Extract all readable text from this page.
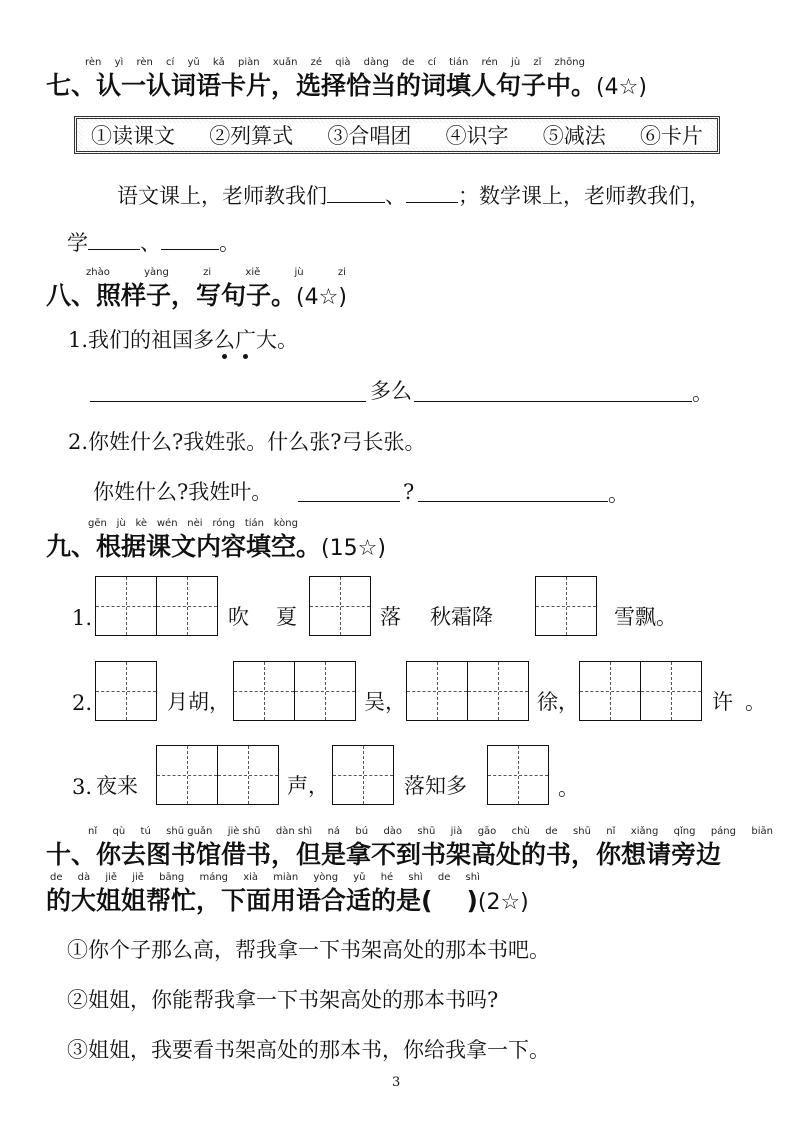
rèn yì rèn cí yǔ kǎ piàn xuǎn zé qià dàng de cí tián rén jù zǐ zhōng
七、认一认词语卡片，选择恰当的词填人句子中。(4☆)
①读课文 ②列算式 ③合唱团 ④识字 ⑤减法 ⑥卡片
语文课上，老师教我们	、 ；数学课上，老师教我们，
学 、	。
zhào	yàng	zi	xiě	jù	zi
八、照样子，写句子。(4☆)
1.我们的祖国多么广大。
多么	。
2.你姓什么?我姓张。什么张?弓长张。
你姓什么?我姓叶。	?	。
gēn jù kè wén nèi róng tián kòng
九、根据课文内容填空。(15☆)
1.	吹 夏	落 秋霜降	雪飘。
2.	月胡，	吴，	徐，	许 。
3. 夜来	声，	落知多	。
nǐ qù tú shū guǎn jiè shū dàn shì ná bú dào shū jià gāo chù de shū nǐ xiǎng qǐng páng biān
十、你去图书馆借书，但是拿不到书架高处的书，你想请旁边
de dà jiě jiě bāng máng xià miàn yòng yǔ hé shì de shì
的大姐姐帮忙，下面用语合适的是( )(2☆)
①你个子那么高，帮我拿一下书架高处的那本书吧。
②姐姐，你能帮我拿一下书架高处的那本书吗?
③姐姐，我要看书架高处的那本书，你给我拿一下。
3
